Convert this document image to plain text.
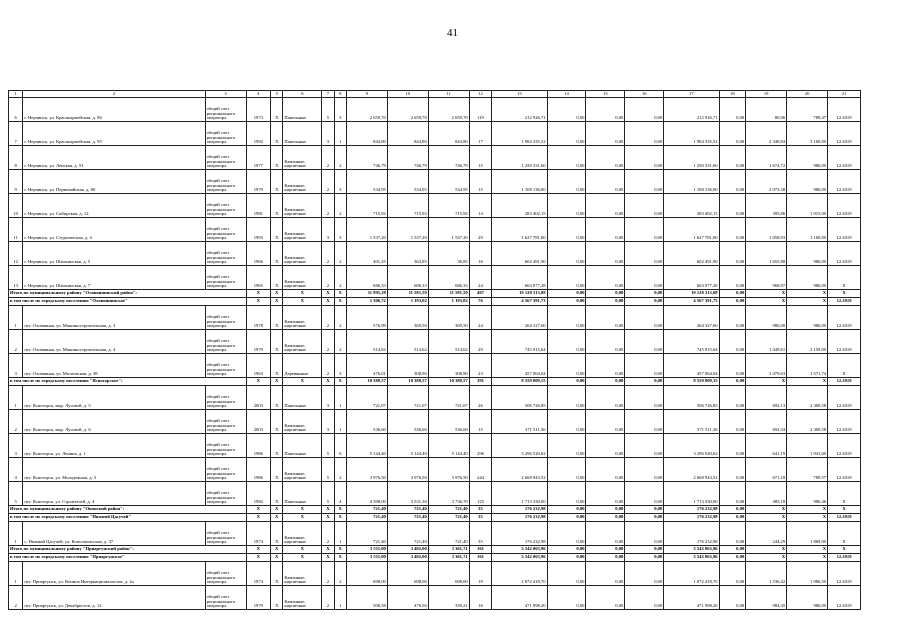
41
1	2	3	4	5	6	7	8	9	10	11	12	13	14	15	16	17	18	19	20	21
6	г. Нерчинск, ул. Красноармейская, д. 86	общий счет регионального оператора	1973	Х	Панельные	5	3	2 659,70	2 659,70	2 659,70	119	212 926,71	0,00	0,00	0,00	212 926,71	0,00	80,06	789,47	12.2019
7	г. Нерчинск, ул. Красноармейская, д. 95	общий счет регионального оператора	1992	Х	Панельные	3	1	844,80	844,80	844,80	17	1 984 335,52	0,00	0,00	0,00	1 984 335,52	0,00	2 348,84	3 160,00	12.2019
8	г. Нерчинск, ул. Ленская, д. 53	общий счет регионального оператора	1977	Х	Каменные, кирпичные	2	2	746,79	746,79	746,79	15	1 250 331,60	0,00	0,00	0,00	1 250 331,60	0,00	1 674,72	986,00	12.2019
9	г. Нерчинск, ул. Первомайская, д. 80	общий счет регионального оператора	1979	Х	Каменные, кирпичные	2	3	534,95	534,95	534,95	15	1 108 136,00	0,00	0,00	0,00	1 108 136,00	0,00	2 073,38	986,00	12.2019
10	г. Нерчинск, ул. Сибирская, д. 12	общий счет регионального оператора	1981	Х	Каменные, кирпичные	2	2	715,92	715,92	715,92	14	283 402,15	0,00	0,00	0,00	283 402,15	0,00	395,86	1 015,00	12.2019
11	г. Нерчинск, ул. Студенческая, д. 4	общий счет регионального оператора	1993	Х	Каменные, кирпичные	3	3	1 537,20	1 537,20	1 537,20	29	1 627 781,00	0,00	0,00	0,00	1 627 781,00	0,00	1 058,93	1 160,00	12.2019
12	г. Нерчинск, ул. Шилкинская, д. 5	общий счет регионального оператора	1966	Х	Каменные, кирпичные	2	2	401,25	363,85	36,85	16	602 491,90	0,00	0,00	0,00	602 491,90	0,00	1 655,88	986,00	12.2019
13	г. Нерчинск, ул. Шилкинская, д. 7	общий счет регионального оператора	1965	Х	Каменные, кирпичные	2	2	686,33	686,33	686,33	24	663 077,28	0,00	0,00	0,00	663 077,28	0,00	968,97	986,00	Х
Итого по муниципальному району "Оловяннинский район":			Х	Х	Х	Х	Х	11 995,28	11 581,59	11 581,59	467	19 128 313,08	0,00	0,00	0,00	19 128 313,08	0,00	Х	Х	Х
в том числе по городскому поселению "Оловяннинское"			Х	Х	Х	Х	Х	1 306,72	1 193,02	1 193,02	76	4 567 391,73	0,00	0,00	0,00	4 567 391,73	0,00	Х	Х	12.2019
1	пгт. Оловянная, ул. Машиностроительная, д. 3	общий счет регионального оператора	1978	Х	Каменные, кирпичные	2	2	576,99	369,50	369,50	24	264 327,60	0,00	0,00	0,00	264 327,60	0,00	986,00	986,00	12.2019
2	пгт. Оловянная, ул. Машиностроительная, д. 4	общий счет регионального оператора	1979	Х	Каменные, кирпичные	2	2	514,62	514,62	514,62	29	745 915,64	0,00	0,00	0,00	745 915,64	0,00	1 449,61	2 159,00	12.2018
3	пгт. Оловянная, ул. Московская, д. 38	общий счет регионального оператора	1963	Х	Деревянные	2	3	476,01	308,90	308,90	23	457 064,04	0,00	0,00	0,00	457 064,04	0,00	1 479,63	1 571,74	Х
в том числе по городскому поселению "Ясногорское":			Х	Х	Х	Х	Х	10 388,57	10 388,57	10 388,57	391	8 559 009,15	0,00	0,00	0,00	8 559 009,15	0,00	Х	Х	12.2019
1	пгт. Ясногорск, мкр. Луговой, д. 5	общий счет регионального оператора	2003	Х	Панельные	3	1	721,07	721,07	721,07	26	506 726,85	0,00	0,00	0,00	506 726,85	0,00	692,13	2 300,58	12.2019
2	пгт. Ясногорск, мкр. Луговой, д. 6	общий счет регионального оператора	2003	Х	Каменные, кирпичные	3	1	536,60	536,60	536,60	15	371 511,36	0,00	0,00	0,00	371 511,36	0,00	692,34	2 300,58	12.2019
3	пгт. Ясногорск, ул. Ленина, д. 1	общий счет регионального оператора	1986	Х	Панельные	5	6	5 144,40	5 144,40	5 144,40	296	3 296 520,62	0,00	0,00	0,00	3 296 520,62	0,00	641,19	1 941,00	12.2019
4	пгт. Ясногорск, ул. Молодежная, д. 5	общий счет регионального оператора	1986	Х	Каменные, кирпичные	5	2	3 976,50	3 976,50	3 976,50	244	2 668 943,52	0,00	0,00	0,00	2 668 943,52	0,00	671,18	789,57	12.2018
5	пгт. Ясногорск, ул. Строителей, д. 4	общий счет регионального оператора	1982	Х	Панельные	5	4	4 398,00	3 531,30	3 736,70	125	1 713 330,00	0,00	0,00	0,00	1 713 330,00	0,00	485,18	986,46	Х
Итого по муниципальному району "Ононский район":			Х	Х	Х	Х	Х	721,40	721,40	721,40	35	176 232,98	0,00	0,00	0,00	176 232,98	0,00	Х	Х	Х
в том числе по городскому поселению "Нижний Цасучей"			Х	Х	Х	Х	Х	721,40	721,40	721,40	35	176 232,98	0,00	0,00	0,00	176 232,98	0,00	Х	Х	12.2019
1	с. Нижний Цасучей, ул. Комсомольская, д. 37	общий счет регионального оператора	1974	Х	Каменные, кирпичные	2	1	721,40	721,40	721,40	35	176 232,98	0,00	0,00	0,00	176 232,98	0,00	244,29	1 869,00	Х
Итого по муниципальному району "Приаргунский район":			Х	Х	Х	Х	Х	3 511,00	3 482,00	3 361,71	161	3 542 063,96	0,00	0,00	0,00	3 542 063,96	0,00	Х	Х	Х
в том числе по городскому поселению "Приаргунское"			Х	Х	Х	Х	Х	3 511,00	3 482,00	3 361,71	161	3 542 063,96	0,00	0,00	0,00	3 542 063,96	0,00	Х	Х	12.2019
1	пгт. Приаргунск, ул. Воинов Интернационалистов, д. 2а	общий счет регионального оператора	1974	Х	Каменные, кирпичные	2	2	698,00	698,00	698,00	19	1 072 418,70	0,00	0,00	0,00	1 072 418,70	0,00	1 536,42	1 986,50	12.2019
2	пгт. Приаргунск, ул. Декабристов, д. 12	общий счет регионального оператора	1979	Х	Каменные, кирпичные	2	1	508,58	476,56	339,21	16	471 998,20	0,00	0,00	0,00	471 998,20	0,00	984,35	986,00	12.2019
